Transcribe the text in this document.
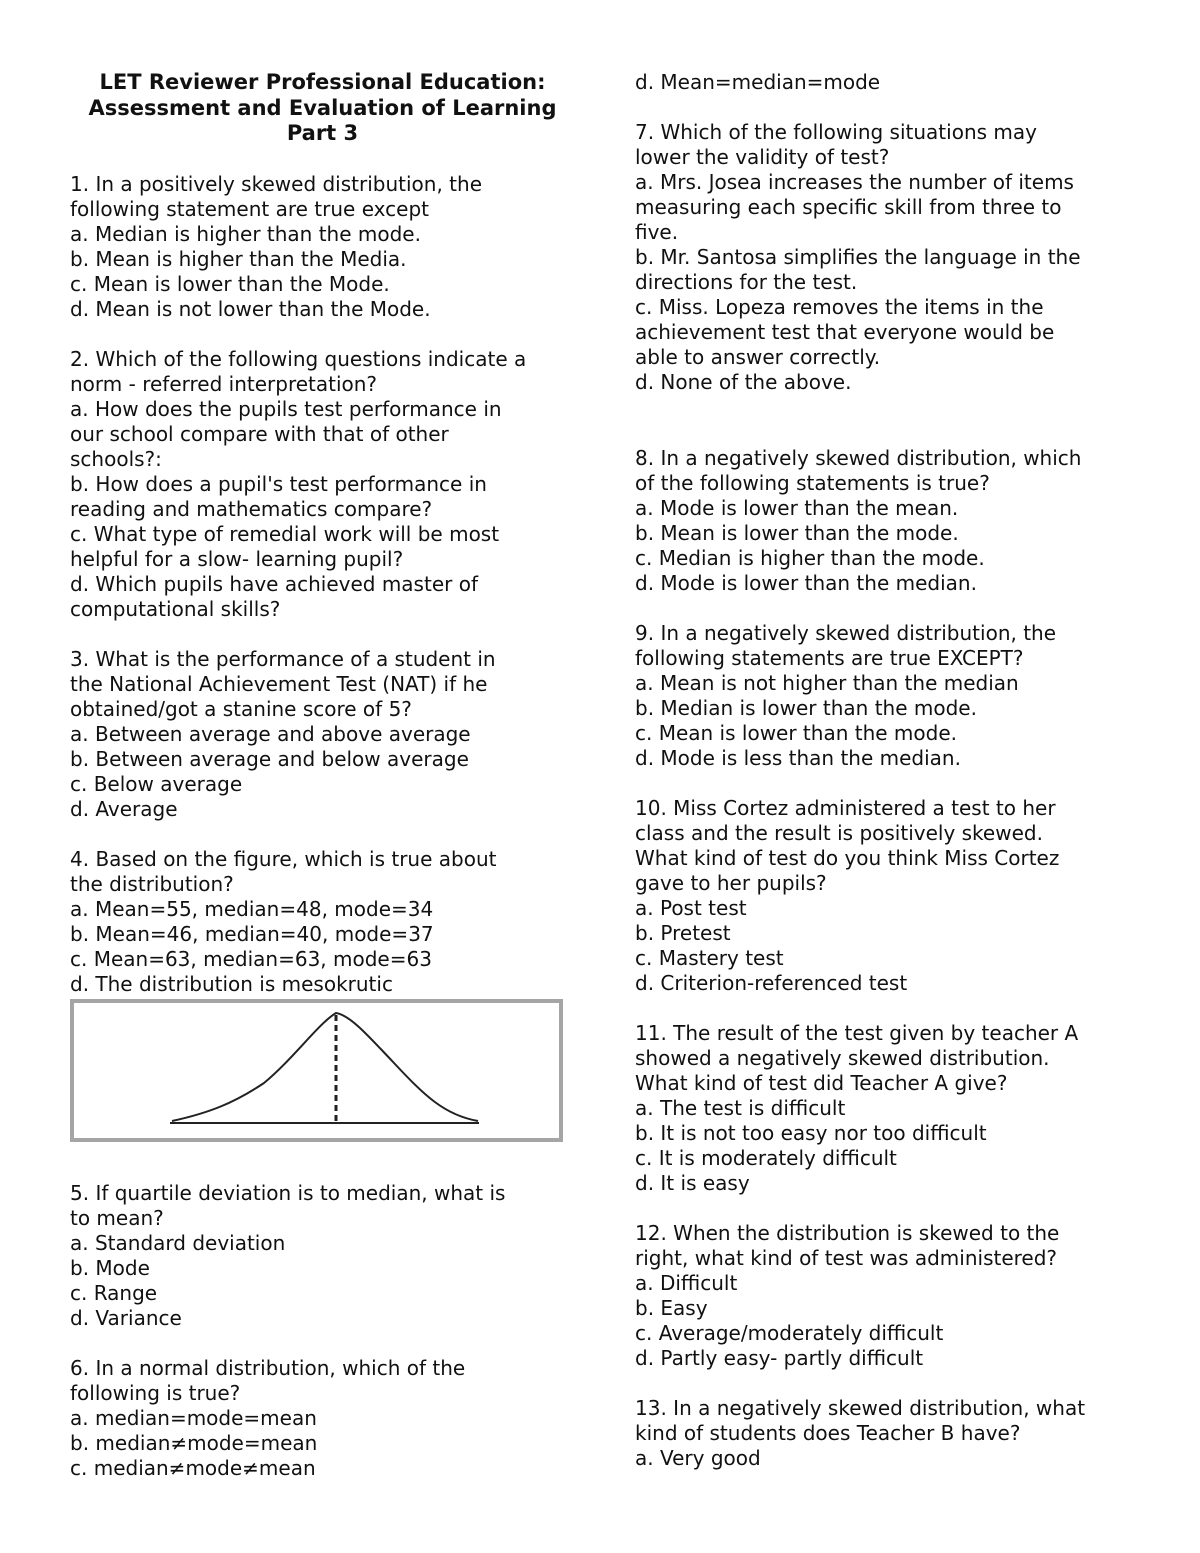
LET Reviewer Professional Education:
Assessment and Evaluation of Learning
Part 3
1. In a positively skewed distribution, the
following statement are true except
a. Median is higher than the mode.
b. Mean is higher than the Media.
c. Mean is lower than the Mode.
d. Mean is not lower than the Mode.
2. Which of the following questions indicate a
norm - referred interpretation?
a. How does the pupils test performance in
our school compare with that of other
schools?:
b. How does a pupil's test performance in
reading and mathematics compare?
c. What type of remedial work will be most
helpful for a slow- learning pupil?
d. Which pupils have achieved master of
computational skills?
3. What is the performance of a student in
the National Achievement Test (NAT) if he
obtained/got a stanine score of 5?
a. Between average and above average
b. Between average and below average
c. Below average
d. Average
4. Based on the figure, which is true about
the distribution?
a. Mean=55, median=48, mode=34
b. Mean=46, median=40, mode=37
c. Mean=63, median=63, mode=63
d. The distribution is mesokrutic
5. If quartile deviation is to median, what is
to mean?
a. Standard deviation
b. Mode
c. Range
d. Variance
6. In a normal distribution, which of the
following is true?
a. median=mode=mean
b. median≠mode=mean
c. median≠mode≠mean
d. Mean=median=mode
7. Which of the following situations may
lower the validity of test?
a. Mrs. Josea increases the number of items
measuring each specific skill from three to
five.
b. Mr. Santosa simplifies the language in the
directions for the test.
c. Miss. Lopeza removes the items in the
achievement test that everyone would be
able to answer correctly.
d. None of the above.
8. In a negatively skewed distribution, which
of the following statements is true?
a. Mode is lower than the mean.
b. Mean is lower than the mode.
c. Median is higher than the mode.
d. Mode is lower than the median.
9. In a negatively skewed distribution, the
following statements are true EXCEPT?
a. Mean is not higher than the median
b. Median is lower than the mode.
c. Mean is lower than the mode.
d. Mode is less than the median.
10. Miss Cortez administered a test to her
class and the result is positively skewed.
What kind of test do you think Miss Cortez
gave to her pupils?
a. Post test
b. Pretest
c. Mastery test
d. Criterion-referenced test
11. The result of the test given by teacher A
showed a negatively skewed distribution.
What kind of test did Teacher A give?
a. The test is difficult
b. It is not too easy nor too difficult
c. It is moderately difficult
d. It is easy
12. When the distribution is skewed to the
right, what kind of test was administered?
a. Difficult
b. Easy
c. Average/moderately difficult
d. Partly easy- partly difficult
13. In a negatively skewed distribution, what
kind of students does Teacher B have?
a. Very good
